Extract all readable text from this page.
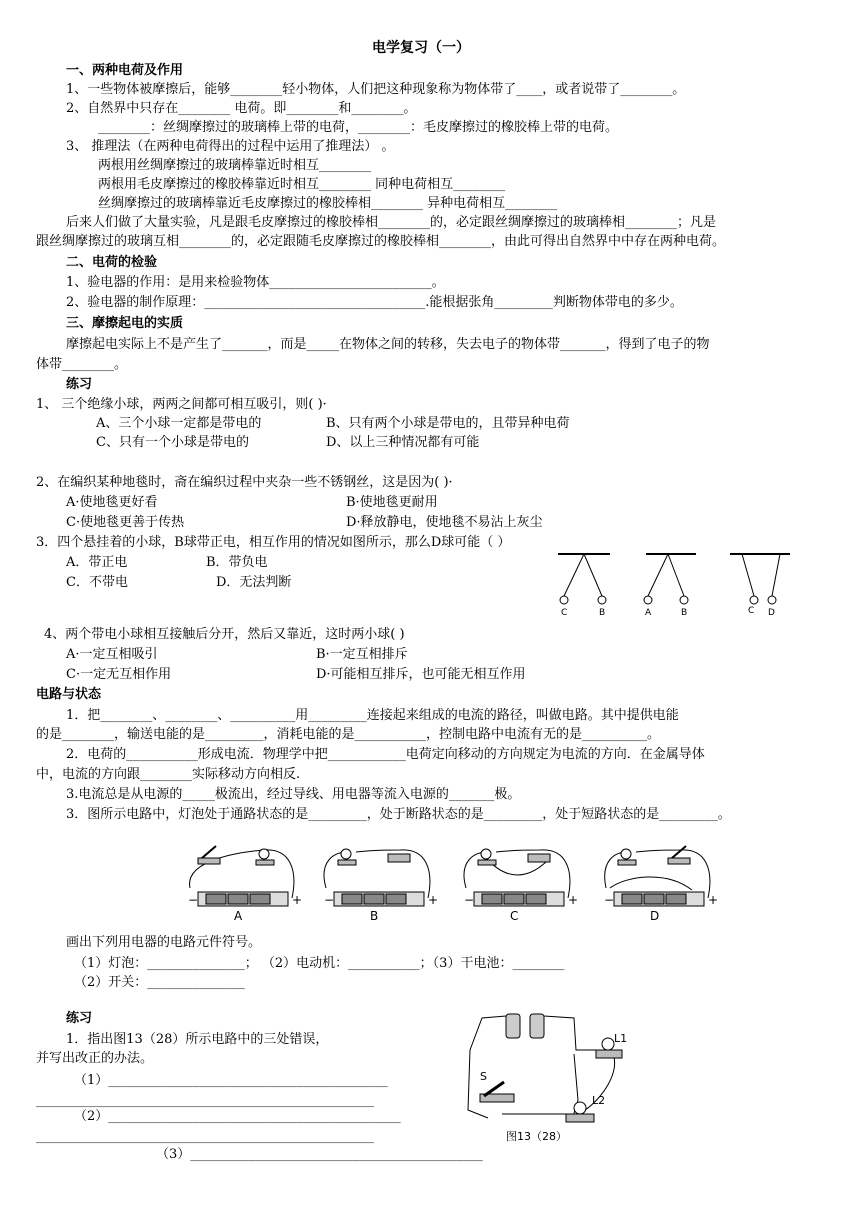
电学复习（一）
一、两种电荷及作用
1、一些物体被摩擦后，能够________轻小物体，人们把这种现象称为物体带了____，或者说带了________。
2、自然界中只存在________ 电荷。即________和________。
________：丝绸摩擦过的玻璃棒上带的电荷，________：毛皮摩擦过的橡胶棒上带的电荷。
3、 推理法（在两种电荷得出的过程中运用了推理法） 。
两根用丝绸摩擦过的玻璃棒靠近时相互________
两根用毛皮摩擦过的橡胶棒靠近时相互________ 同种电荷相互________
丝绸摩擦过的玻璃棒靠近毛皮摩擦过的橡胶棒相________ 异种电荷相互________
后来人们做了大量实验，凡是跟毛皮摩擦过的橡胶棒相________的，必定跟丝绸摩擦过的玻璃棒相________；凡是
跟丝绸摩擦过的玻璃互相________的，必定跟随毛皮摩擦过的橡胶棒相________，由此可得出自然界中中存在两种电荷。
二、电荷的检验
1、验电器的作用：是用来检验物体_________________________。
2、验电器的制作原理：__________________________________.能根据张角_________判断物体带电的多少。
三、摩擦起电的实质
摩擦起电实际上不是产生了_______，而是_____在物体之间的转移，失去电子的物体带_______，得到了电子的物
体带________。
练习
1、 三个绝缘小球，两两之间都可相互吸引，则( )·
A、三个小球一定都是带电的	B、只有两个小球是带电的，且带异种电荷
C、只有一个小球是带电的	D、以上三种情况都有可能
2、在编织某种地毯时，斋在编织过程中夹杂一些不锈钢丝，这是因为( )·
A·使地毯更好看	B·使地毯更耐用
C·使地毯更善于传热	D·释放静电，使地毯不易沾上灰尘
3．四个悬挂着的小球，B球带正电，相互作用的情况如图所示，那么D球可能（ ）
A．带正电	B．带负电
C．不带电	D．无法判断
C	B	A	B	C D
4、两个带电小球相互接触后分开，然后又靠近，这时两小球( )
A·一定互相吸引	B·一定互相排斥
C·一定无互相作用	D·可能相互排斥，也可能无相互作用
电路与状态
1．把________、________、__________用_________连接起来组成的电流的路径，叫做电路。其中提供电能
的是________，输送电能的是_________，消耗电能的是___________，控制电路中电流有无的是__________。
2．电荷的___________形成电流．物理学中把____________电荷定向移动的方向规定为电流的方向．在金属导体
中，电流的方向跟________实际移动方向相反.
3.电流总是从电源的_____极流出，经过导线、用电器等流入电源的_______极。
3．图所示电路中，灯泡处于通路状态的是_________，处于断路状态的是_________，处于短路状态的是_________。
−	+ −	+ −	+ −	+
A	B	C	D
画出下列用电器的电路元件符号。
（1）灯泡：_______________； （2）电动机：___________；（3）干电池：________
（2）开关：_______________
练习
1．指出图13（28）所示电路中的三处错误，
并写出改正的办法。
（1）___________________________________________
____________________________________________________
（2）_____________________________________________
____________________________________________________
（3）_____________________________________________
S
L1
L2
图13（28）
